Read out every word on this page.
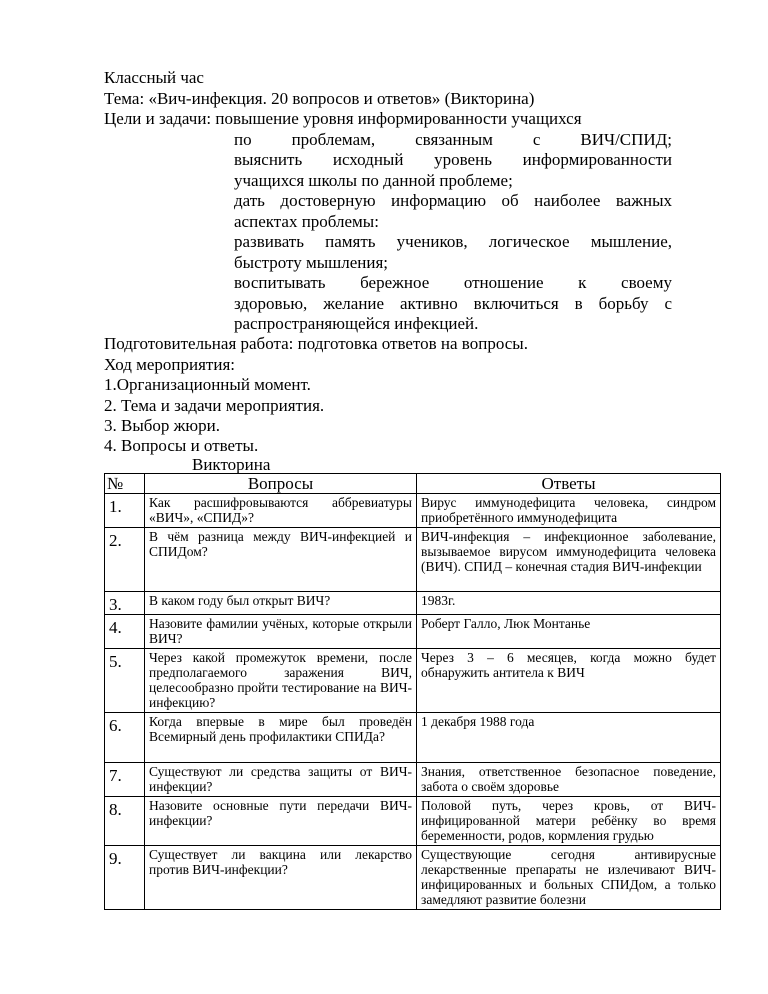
Классный час
Тема: «Вич-инфекция. 20 вопросов и ответов» (Викторина)
Цели и задачи: повышение уровня информированности учащихся
по проблемам, связанным с ВИЧ/СПИД;
выяснить исходный уровень информированности
учащихся школы по данной проблеме;
дать достоверную информацию об наиболее важных
аспектах проблемы:
развивать память учеников, логическое мышление,
быстроту мышления;
воспитывать бережное отношение к своему
здоровью, желание активно включиться в борьбу с
распространяющейся инфекцией.
Подготовительная работа: подготовка ответов на вопросы.
Ход мероприятия:
1.Организационный момент.
2. Тема и задачи мероприятия.
3. Выбор жюри.
4. Вопросы и ответы.
Викторина
№	Вопросы	Ответы
1.	Как расшифровываются аббревиатуры «ВИЧ», «СПИД»?	Вирус иммунодефицита человека, синдром приобретённого иммунодефицита
2.	В чём разница между ВИЧ-инфекцией и СПИДом?	ВИЧ-инфекция – инфекционное заболевание, вызываемое вирусом иммунодефицита человека (ВИЧ). СПИД – конечная стадия ВИЧ-инфекции
3.	В каком году был открыт ВИЧ?	1983г.
4.	Назовите фамилии учёных, которые открыли ВИЧ?	Роберт Галло, Люк Монтанье
5.	Через какой промежуток времени, после предполагаемого заражения ВИЧ, целесообразно пройти тестирование на ВИЧ-инфекцию?	Через 3 – 6 месяцев, когда можно будет обнаружить антитела к ВИЧ
6.	Когда впервые в мире был проведён Всемирный день профилактики СПИДа?	1 декабря 1988 года
7.	Существуют ли средства защиты от ВИЧ-инфекции?	Знания, ответственное безопасное поведение, забота о своём здоровье
8.	Назовите основные пути передачи ВИЧ-инфекции?	Половой путь, через кровь, от ВИЧ-инфицированной матери ребёнку во время беременности, родов, кормления грудью
9.	Существует ли вакцина или лекарство против ВИЧ-инфекции?	Существующие сегодня антивирусные лекарственные препараты не излечивают ВИЧ-инфицированных и больных СПИДом, а только замедляют развитие болезни
